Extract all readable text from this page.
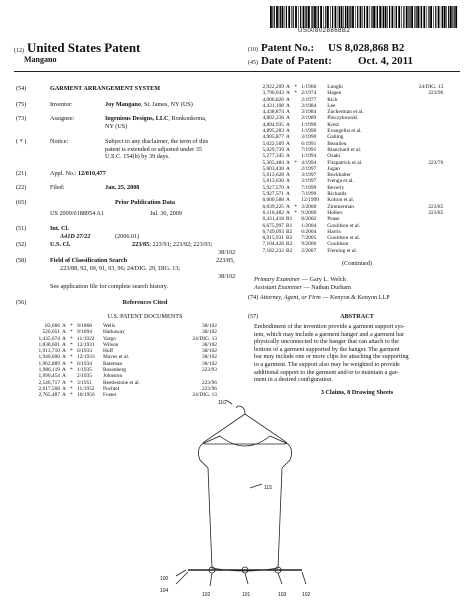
US008028868B2
(12) United States Patent
Mangano
(10) Patent No.: US 8,028,868 B2
(45) Date of Patent: Oct. 4, 2011
(54)	GARMENT ARRANGEMENT SYSTEM
(75)	Inventor:	Joy Mangano, St. James, NY (US)
(73)	Assignee:	Ingenious Designs, LLC, Ronkonkoma,
NY (US)
( * )	Notice:	Subject to any disclaimer, the term of this
patent is extended or adjusted under 35
U.S.C. 154(b) by 39 days.
(21)	Appl. No.: 12/010,477
(22)	Filed:	Jan. 25, 2008
(65)	Prior Publication Data
US 2009/0188954 A1	Jul. 30, 2009
(51)	Int. Cl.
A41D 27/22	(2006.01)
(52)	U.S. Cl.	223/85; 223/91; 223/92; 223/93;
38/102
(58)	Field of Classification Search	223/85,
223/88, 92, 69, 91, 93, 96; 24/DIG. 29, DIG. 13;
38/102
See application file for complete search history.
(56)	References Cited
U.S. PATENT DOCUMENTS
82,666	A	*	9/1868	Wells	38/102
526,651	A	*	9/1894	Hathaway	38/102
1,435,674	A	*	11/1922	Vargo	24/DIG. 13
1,838,601	A	*	12/1931	Wilson	38/102
1,913,710	A	*	6/1933	Huff	38/102
1,940,600	A	*	12/1933	Maves et al.	38/102
1,962,889	A	*	6/1934	Bateman	38/102
1,986,119	A	*	1/1935	Rosenberg	223/93
1,990,454	A		2/1935	Johnston	
2,546,717	A	*	3/1951	Beetlestone et al.	223/96
2,617,568	A	*	11/1952	Pochtel	223/96
2,765,487	A	*	10/1956	Foster	24/DIG. 13
2,922,209	A	*	1/1960	Longhi	24/DIG. 13
3,790,043	A	*	2/1974	Hagen	223/96
4,006,826	A		2/1977	Rich	
4,431,108	A		2/1984	Lee	
4,438,874	A		3/1984	Zuckerman et al.	
4,802,238	A		2/1989	Pinczykowski	
4,894,935	A		1/1990	Kretz	
4,895,283	A		1/1990	Evangelist et al.	
4,905,877	A		3/1990	Gatling	
5,022,569	A		6/1991	Beaulieu	
5,029,739	A		7/1991	Blanchard et al.	
5,277,345	A		1/1994	Ozaki	
5,305,484	A	*	4/1994	Fitzpatrick et al.	223/70
5,603,438	A		2/1997	Jugan	
5,613,628	A		3/1997	Buckhalter	
5,613,630	A		3/1997	Ivenga et al.	
5,927,570	A		7/1999	Beverly	
5,927,571	A		7/1999	Richards	
6,000,588	A		12/1999	Kolton et al.	
6,039,225	A	*	3/2000	Zimmerman	223/85
6,116,482	A	*	9/2000	Holber	223/85
6,431,418	B1		8/2002	Pease	
6,675,997	B1		1/2004	Gouldson et al.	
6,749,093	B2		6/2004	Harris	
6,915,931	B2		7/2005	Gouldson et al.	
7,104,428	B2		9/2006	Gouldson	
7,182,232	B2		2/2007	Fleming et al.	
(Continued)
Primary Examiner — Gary L. Welch
Assistant Examiner — Nathan Durham
(74) Attorney, Agent, or Firm — Kenyon & Kenyon LLP
(57)	ABSTRACT
Embodiment of the invention provide a garment support sys-
tem, which may include a garment hanger and a garment bar
physically unconnected to the hanger that can attach to the
bottom of a garment supported by the hanger. The garment
bar may include one or more clips for attaching the supporting
to a garment. The support also may be weighted to provide
additional support to the garment and/or to maintain a gar-
ment in a desired configuration.
3 Claims, 8 Drawing Sheets
110
115
100
104
102	101	103	102
